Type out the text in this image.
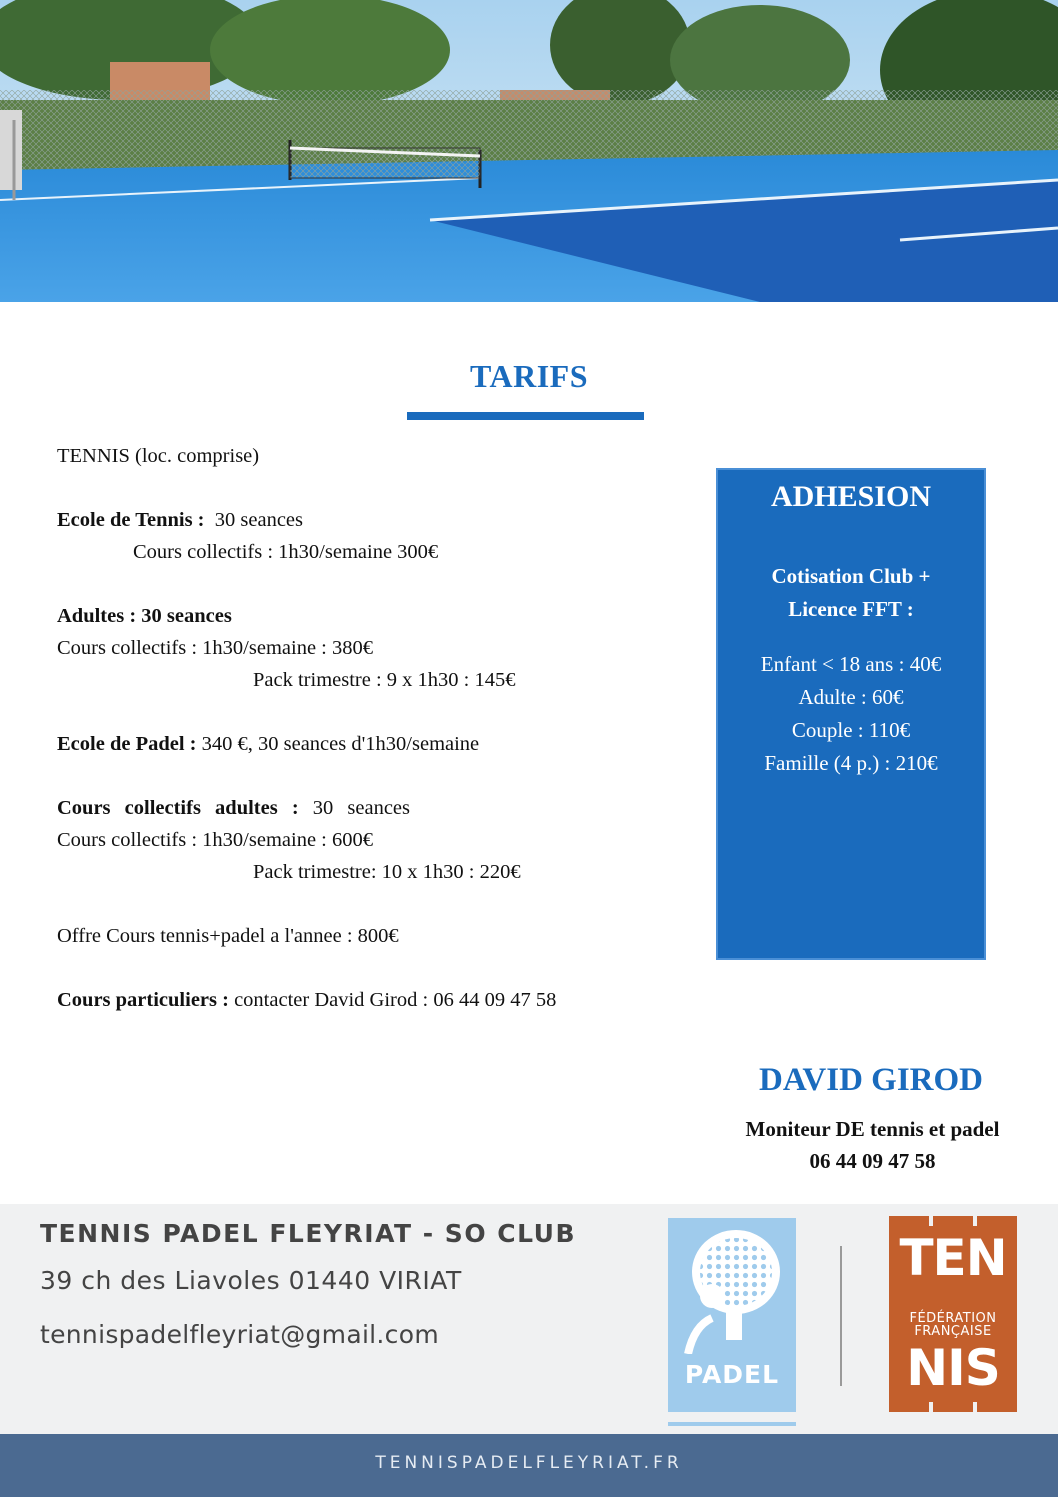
TARIFS

TENNIS (loc. comprise)

Ecole de Tennis : 30 seances

Cours collectifs : 1h30/semaine 300€

Adultes : 30 seances

Cours collectifs : 1h30/semaine : 380€

Pack trimestre : 9 x 1h30 : 145€

Ecole de Padel : 340 €, 30 seances d'1h30/semaine

Cours collectifs adultes : 30 seances

Cours collectifs : 1h30/semaine : 600€

Pack trimestre: 10 x 1h30 : 220€

Offre Cours tennis+padel a l'annee : 800€

Cours particuliers : contacter David Girod : 06 44 09 47 58

ADHESION
Cotisation Club +
Licence FFT :
Enfant < 18 ans : 40€
Adulte : 60€
Couple : 110€
Famille (4 p.) : 210€
DAVID GIROD
Moniteur DE tennis et padel
06 44 09 47 58
TENNIS PADEL FLEYRIAT - SO CLUB
39 ch des Liavoles 01440 VIRIAT
tennispadelfleyriat@gmail.com
PADEL
TEN
FÉDÉRATION
FRANÇAISE
NIS
TENNISPADELFLEYRIAT.FR
